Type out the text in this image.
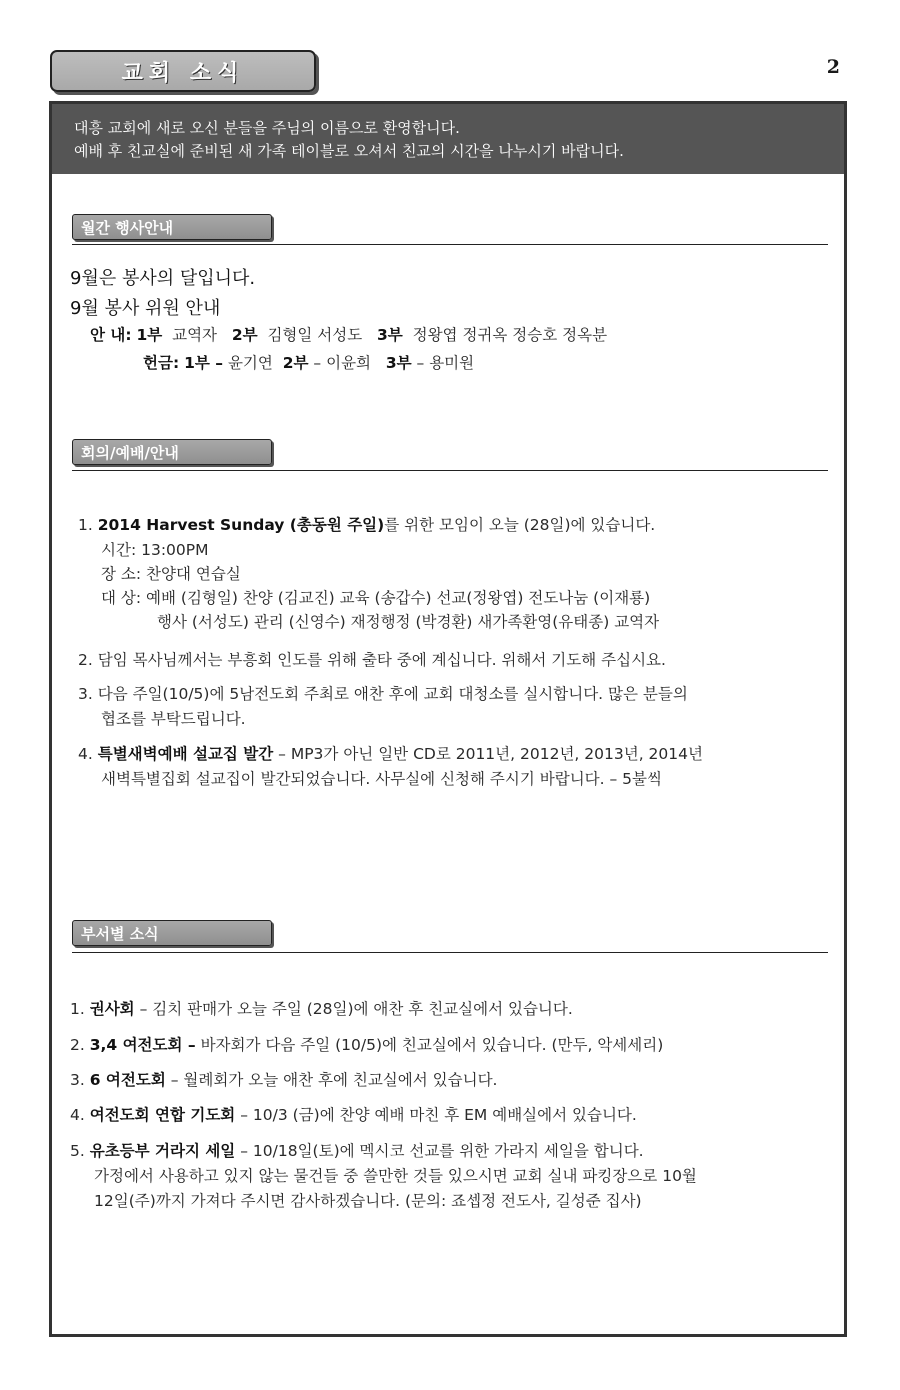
교회 소식	2
대흥 교회에 새로 오신 분들을 주님의 이름으로 환영합니다.
예배 후 친교실에 준비된 새 가족 테이블로 오셔서 친교의 시간을 나누시기 바랍니다.
월간 행사안내
9월은 봉사의 달입니다.
9월 봉사 위원 안내
안 내: 1부 교역자 2부 김형일 서성도 3부 정왕엽 정귀옥 정승호 정옥분
헌금: 1부 – 윤기연 2부 – 이윤희 3부 – 용미원
회의/예배/안내
1. 2014 Harvest Sunday (총동원 주일)를 위한 모임이 오늘 (28일)에 있습니다.
시간: 13:00PM
장 소: 찬양대 연습실
대 상: 예배 (김형일) 찬양 (김교진) 교육 (송갑수) 선교(정왕엽) 전도나눔 (이재룡)
행사 (서성도) 관리 (신영수) 재정행정 (박경환) 새가족환영(유태종) 교역자
2. 담임 목사님께서는 부흥회 인도를 위해 출타 중에 계십니다. 위해서 기도해 주십시요.
3. 다음 주일(10/5)에 5남전도회 주최로 애찬 후에 교회 대청소를 실시합니다. 많은 분들의
협조를 부탁드립니다.
4. 특별새벽예배 설교집 발간 – MP3가 아닌 일반 CD로 2011년, 2012년, 2013년, 2014년
새벽특별집회 설교집이 발간되었습니다. 사무실에 신청해 주시기 바랍니다. – 5불씩
부서별 소식
1. 권사회 – 김치 판매가 오늘 주일 (28일)에 애찬 후 친교실에서 있습니다.
2. 3,4 여전도회 – 바자회가 다음 주일 (10/5)에 친교실에서 있습니다. (만두, 악세세리)
3. 6 여전도회 – 월례회가 오늘 애찬 후에 친교실에서 있습니다.
4. 여전도회 연합 기도회 – 10/3 (금)에 찬양 예배 마친 후 EM 예배실에서 있습니다.
5. 유초등부 거라지 세일 – 10/18일(토)에 멕시코 선교를 위한 가라지 세일을 합니다.
가정에서 사용하고 있지 않는 물건들 중 쓸만한 것들 있으시면 교회 실내 파킹장으로 10월
12일(주)까지 가져다 주시면 감사하겠습니다. (문의: 죠셉정 전도사, 길성준 집사)
